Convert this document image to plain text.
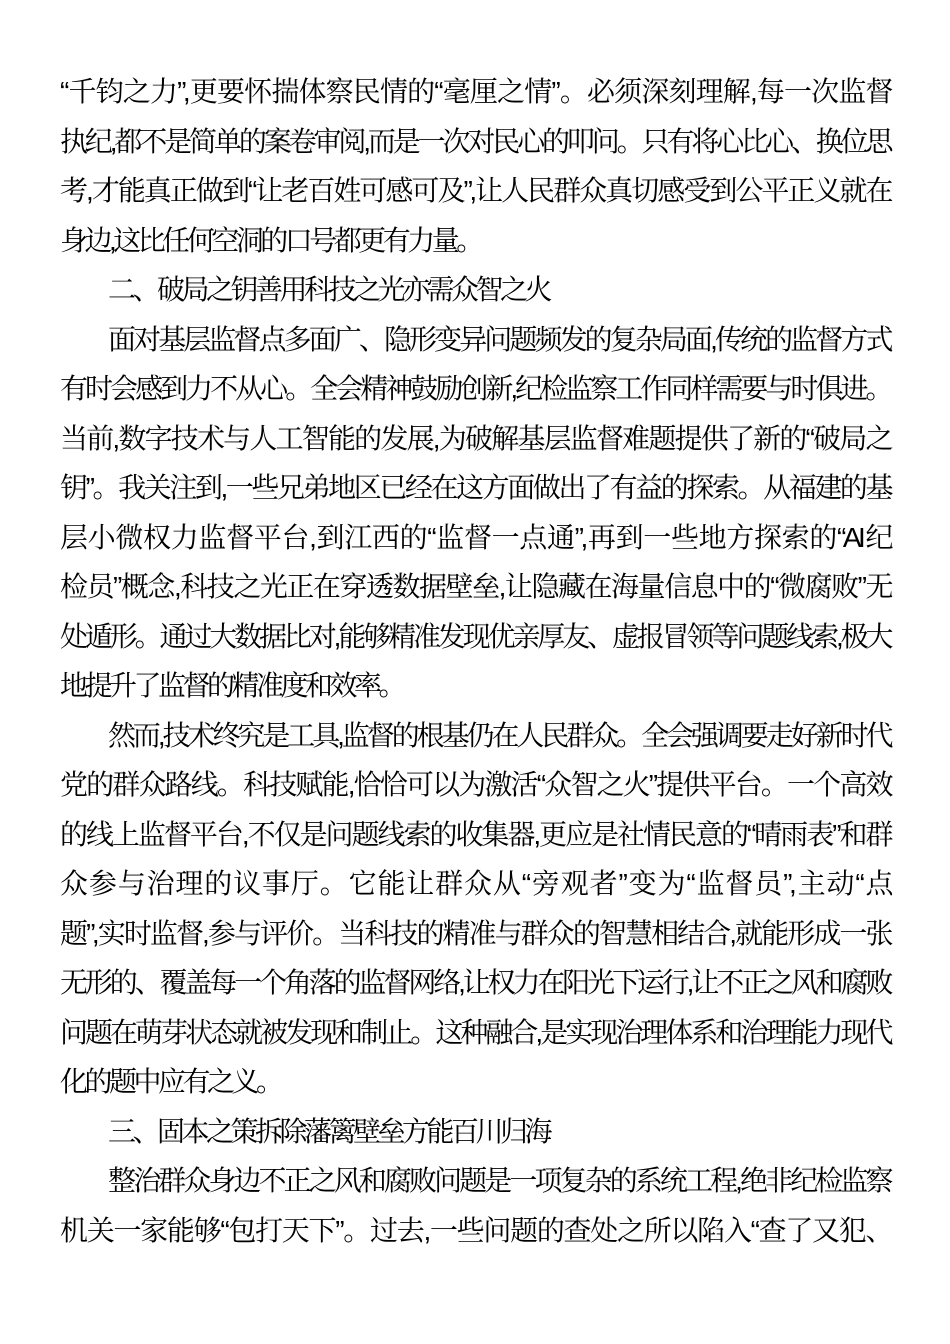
“千钧之力”,更要怀揣体察民情的“毫厘之情”。必须深刻理解,每一次监督
执纪,都不是简单的案卷审阅,而是一次对民心的叩问。只有将心比心、换位思
考,才能真正做到“让老百姓可感可及”,让人民群众真切感受到公平正义就在
身边,这比任何空洞的口号都更有力量。
二、破局之钥善用科技之光亦需众智之火
面对基层监督点多面广、隐形变异问题频发的复杂局面,传统的监督方式
有时会感到力不从心。全会精神鼓励创新,纪检监察工作同样需要与时俱进。
当前,数字技术与人工智能的发展,为破解基层监督难题提供了新的“破局之
钥”。我关注到,一些兄弟地区已经在这方面做出了有益的探索。从福建的基
层小微权力监督平台,到江西的“监督一点通”,再到一些地方探索的“AI纪
检员”概念,科技之光正在穿透数据壁垒,让隐藏在海量信息中的“微腐败”无
处遁形。通过大数据比对,能够精准发现优亲厚友、虚报冒领等问题线索,极大
地提升了监督的精准度和效率。
然而,技术终究是工具,监督的根基仍在人民群众。全会强调要走好新时代
党的群众路线。科技赋能,恰恰可以为激活“众智之火”提供平台。一个高效
的线上监督平台,不仅是问题线索的收集器,更应是社情民意的“晴雨表”和群
众参与治理的议事厅。它能让群众从“旁观者”变为“监督员”,主动“点
题”,实时监督,参与评价。当科技的精准与群众的智慧相结合,就能形成一张
无形的、覆盖每一个角落的监督网络,让权力在阳光下运行,让不正之风和腐败
问题在萌芽状态就被发现和制止。这种融合,是实现治理体系和治理能力现代
化的题中应有之义。
三、固本之策拆除藩篱壁垒方能百川归海
整治群众身边不正之风和腐败问题是一项复杂的系统工程,绝非纪检监察
机关一家能够“包打天下”。过去,一些问题的查处之所以陷入“查了又犯、
